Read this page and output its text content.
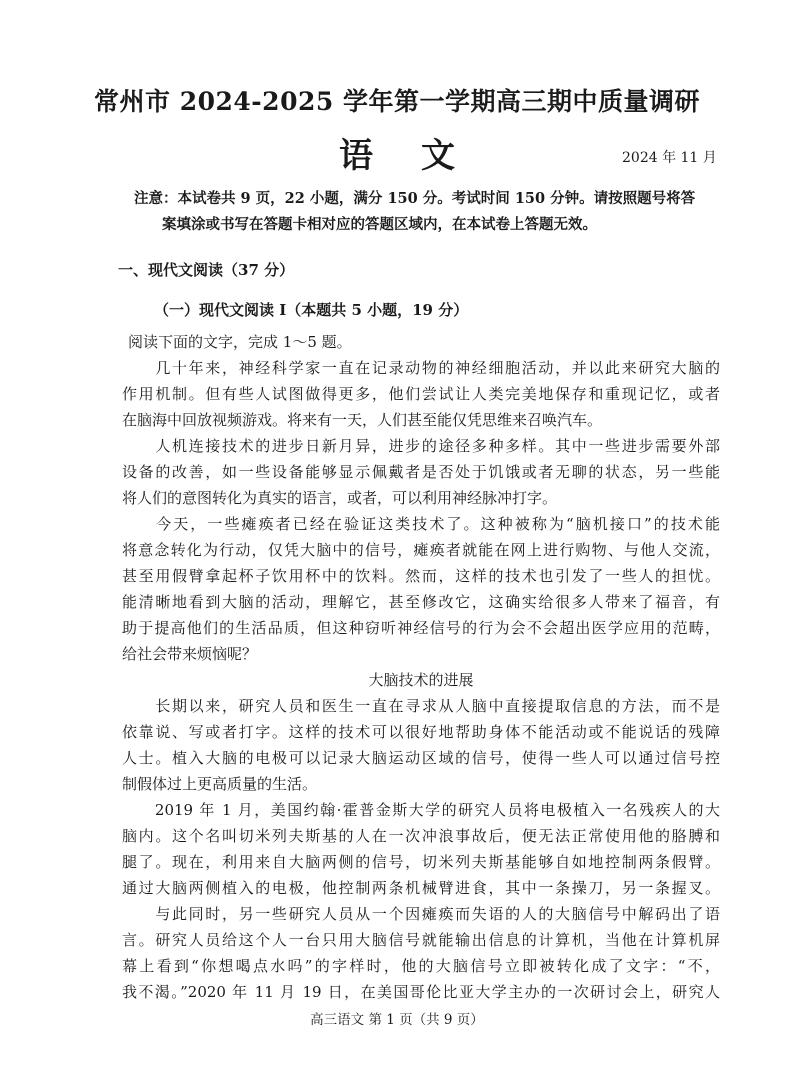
常州市 2024-2025 学年第一学期高三期中质量调研
语文	2024 年 11 月
注意：本试卷共 9 页，22 小题，满分 150 分。考试时间 150 分钟。请按照题号将答
案填涂或书写在答题卡相对应的答题区域内，在本试卷上答题无效。
一、现代文阅读（37 分）
（一）现代文阅读 I（本题共 5 小题，19 分）
阅读下面的文字，完成 1～5 题。
　　几十年来，神经科学家一直在记录动物的神经细胞活动，并以此来研究大脑的
作用机制。但有些人试图做得更多，他们尝试让人类完美地保存和重现记忆，或者
在脑海中回放视频游戏。将来有一天，人们甚至能仅凭思维来召唤汽车。
　　人机连接技术的进步日新月异，进步的途径多种多样。其中一些进步需要外部
设备的改善，如一些设备能够显示佩戴者是否处于饥饿或者无聊的状态，另一些能
将人们的意图转化为真实的语言，或者，可以利用神经脉冲打字。
　　今天，一些瘫痪者已经在验证这类技术了。这种被称为“脑机接口”的技术能
将意念转化为行动，仅凭大脑中的信号，瘫痪者就能在网上进行购物、与他人交流，
甚至用假臂拿起杯子饮用杯中的饮料。然而，这样的技术也引发了一些人的担忧。
能清晰地看到大脑的活动，理解它，甚至修改它，这确实给很多人带来了福音，有
助于提高他们的生活品质，但这种窃听神经信号的行为会不会超出医学应用的范畴，
给社会带来烦恼呢？
大脑技术的进展
　　长期以来，研究人员和医生一直在寻求从人脑中直接提取信息的方法，而不是
依靠说、写或者打字。这样的技术可以很好地帮助身体不能活动或不能说话的残障
人士。植入大脑的电极可以记录大脑运动区域的信号，使得一些人可以通过信号控
制假体过上更高质量的生活。
　　2019 年 1 月，美国约翰·霍普金斯大学的研究人员将电极植入一名残疾人的大
脑内。这个名叫切米列夫斯基的人在一次冲浪事故后，便无法正常使用他的胳膊和
腿了。现在，利用来自大脑两侧的信号，切米列夫斯基能够自如地控制两条假臂。
通过大脑两侧植入的电极，他控制两条机械臂进食，其中一条操刀，另一条握叉。
　　与此同时，另一些研究人员从一个因瘫痪而失语的人的大脑信号中解码出了语
言。研究人员给这个人一台只用大脑信号就能输出信息的计算机，当他在计算机屏
幕上看到“你想喝点水吗”的字样时，他的大脑信号立即被转化成了文字：“不，
我不渴。”2020 年 11 月 19 日，在美国哥伦比亚大学主办的一次研讨会上，研究人
高三语文 第 1 页（共 9 页）
